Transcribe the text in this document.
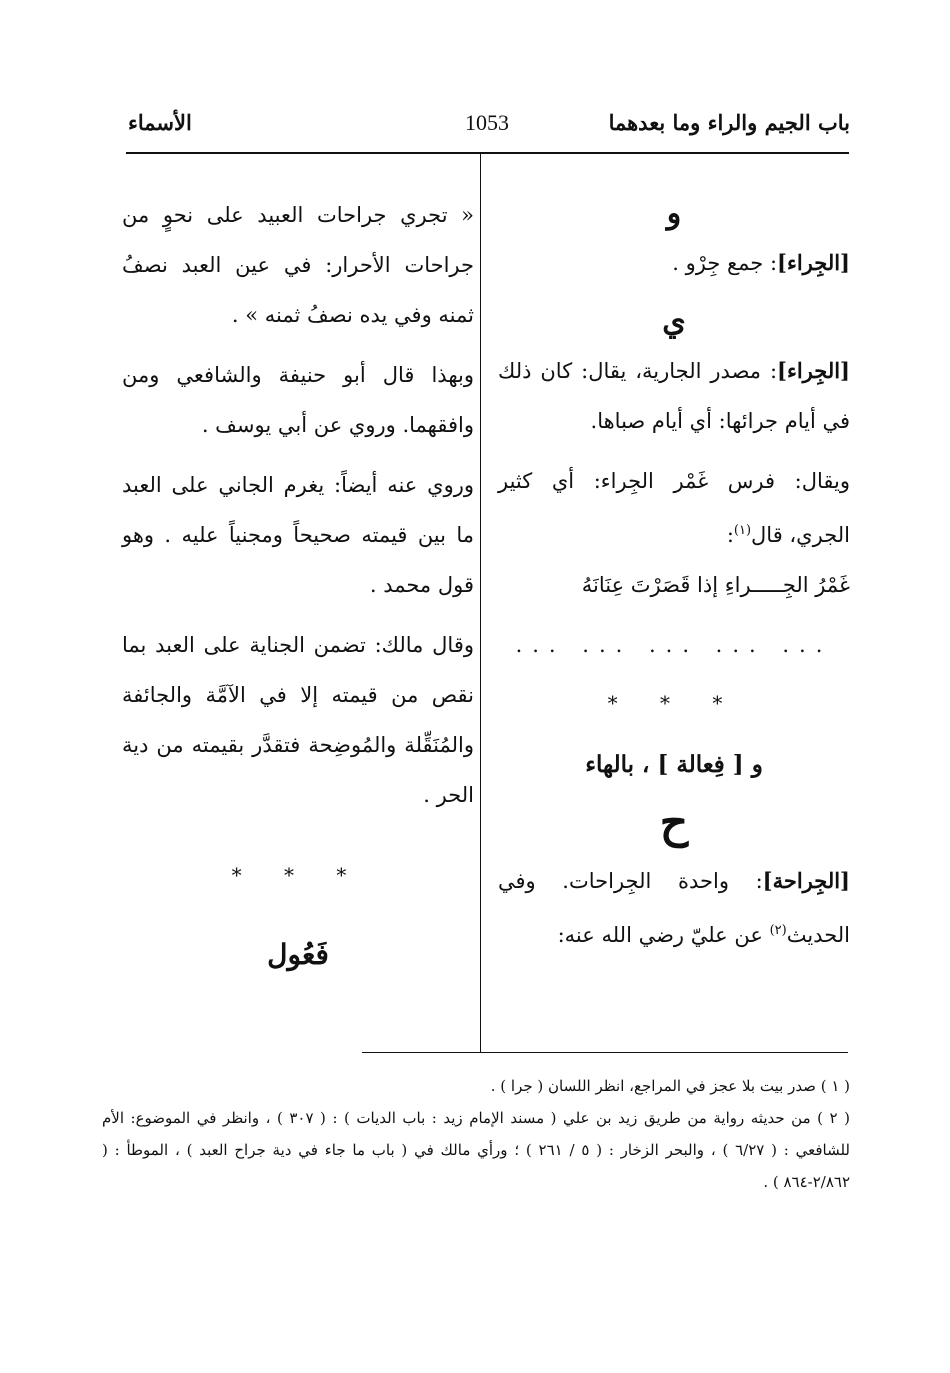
باب الجيم والراء وما بعدهما
1053
الأسماء
و

[الجِراء]: جمع جِرْو .

ي

[الجِراء]: مصدر الجارية، يقال: كان ذلك في أيام جرائها: أي أيام صباها.

ويقال: فرس غَمْر الجِراء: أي كثير الجري، قال$^{(١)}$:

غَمْرُ الجِـــــراءِ إذا قَصَرْتَ عِنَانَهُ

... ... ... ... ...
* * *
و [ فِعالة ] ، بالهاء
ح

[الجِراحة]: واحدة الجِراحات. وفي الحديث$^{(٢)}$ عن عليّ رضي الله عنه:

« تجري جراحات العبيد على نحوٍ من جراحات الأحرار: في عين العبد نصفُ ثمنه وفي يده نصفُ ثمنه » .

وبهذا قال أبو حنيفة والشافعي ومن وافقهما. وروي عن أبي يوسف .

وروي عنه أيضاً: يغرم الجاني على العبد ما بين قيمته صحيحاً ومجنياً عليه . وهو قول محمد .

وقال مالك: تضمن الجناية على العبد بما نقص من قيمته إلا في الآمَّة والجائفة والمُنَقِّلة والمُوضِحة فتقدَّر بقيمته من دية الحر .

* * *
فَعُول

( ١ ) صدر بيت بلا عجز في المراجع، انظر اللسان ( جرا ) .

( ٢ ) من حديثه رواية من طريق زيد بن علي ( مسند الإمام زيد : باب الديات ) : ( ٣٠٧ ) ، وانظر في الموضوع: الأم للشافعي : ( ٦/٢٧ ) ، والبحر الزخار : ( ٥ / ٢٦١ ) ؛ ورأي مالك في ( باب ما جاء في دية جراح العبد ) ، الموطأ : ( ٢/٨٦٢-٨٦٤ ) .
